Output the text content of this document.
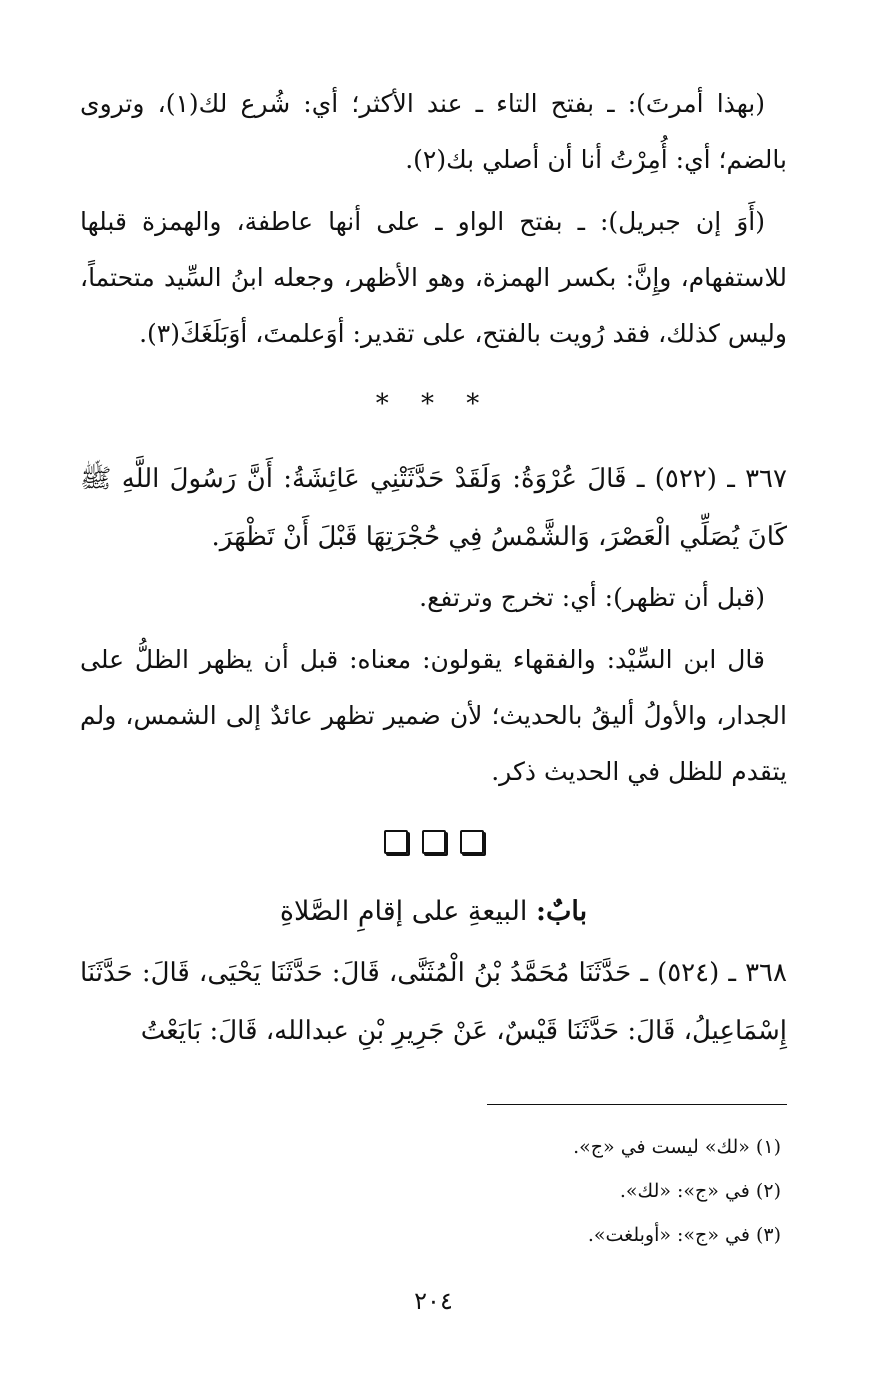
(بهذا أمرتَ): ـ بفتح التاء ـ عند الأكثر؛ أي: شُرع لك(١)، وتروى بالضم؛ أي: أُمِرْتُ أنا أن أصلي بك(٢).

(أَوَ إن جبريل): ـ بفتح الواو ـ على أنها عاطفة، والهمزة قبلها للاستفهام، وإِنَّ: بكسر الهمزة، وهو الأظهر، وجعله ابنُ السِّيد متحتماً، وليس كذلك، فقد رُويت بالفتح، على تقدير: أوَعلمتَ، أوَبَلَغَكَ(٣).

* * *

٣٦٧ ـ (٥٢٢) ـ قَالَ عُرْوَةُ: وَلَقَدْ حَدَّثَتْنِي عَائِشَةُ: أَنَّ رَسُولَ اللَّهِ ﷺ كَانَ يُصَلِّي الْعَصْرَ، وَالشَّمْسُ فِي حُجْرَتِهَا قَبْلَ أَنْ تَظْهَرَ.

(قبل أن تظهر): أي: تخرج وترتفع.

قال ابن السِّيْد: والفقهاء يقولون: معناه: قبل أن يظهر الظلُّ على الجدار، والأولُ أليقُ بالحديث؛ لأن ضمير تظهر عائدٌ إلى الشمس، ولم يتقدم للظل في الحديث ذكر.

بابٌ: البيعةِ على إقامِ الصَّلاةِ

٣٦٨ ـ (٥٢٤) ـ حَدَّثَنَا مُحَمَّدُ بْنُ الْمُثَنَّى، قَالَ: حَدَّثَنَا يَحْيَى، قَالَ: حَدَّثَنَا إِسْمَاعِيلُ، قَالَ: حَدَّثَنَا قَيْسٌ، عَنْ جَرِيرِ بْنِ عبدالله، قَالَ: بَايَعْتُ

(١) «لك» ليست في «ج».

(٢) في «ج»: «لك».

(٣) في «ج»: «أوبلغت».

٢٠٤
